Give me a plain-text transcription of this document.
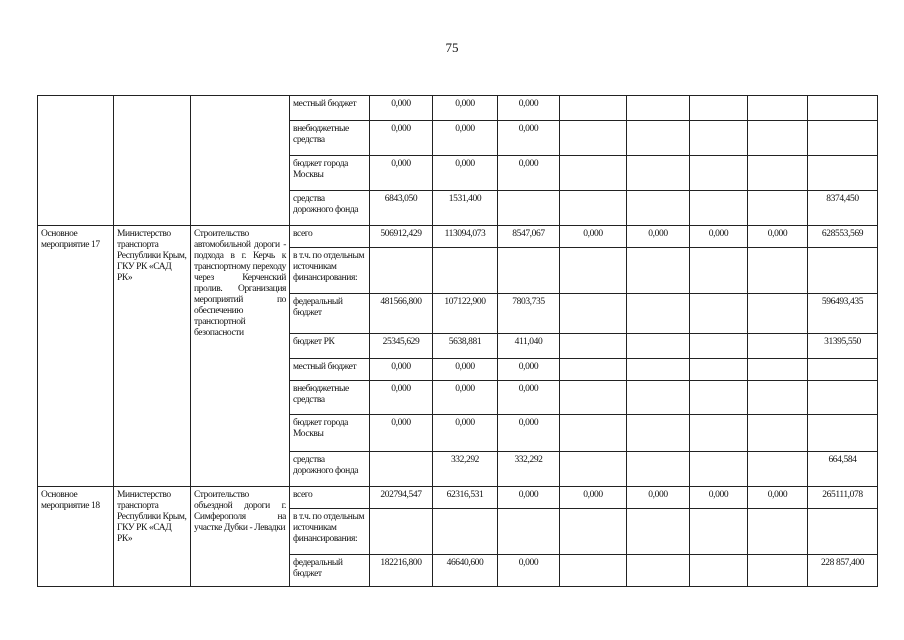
75
			местный бюджет	0,000	0,000	0,000					
			внебюджетные средства	0,000	0,000	0,000					
			бюджет города Москвы	0,000	0,000	0,000					
			средства дорожного фонда	6843,050	1531,400						8374,450
Основное мероприятие 17	Министерство транспорта Республики Крым, ГКУ РК «САД РК»	Строительство автомобильной дороги - подхода в г. Керчь к транспортному переходу через Керченский пролив. Организация мероприятий по обеспечению транспортной безопасности	всего	506912,429	113094,073	8547,067	0,000	0,000	0,000	0,000	628553,569
			в т.ч. по отдельным источникам финансирования:								
			федеральный бюджет	481566,800	107122,900	7803,735					596493,435
			бюджет РК	25345,629	5638,881	411,040					31395,550
			местный бюджет	0,000	0,000	0,000					
			внебюджетные средства	0,000	0,000	0,000					
			бюджет города Москвы	0,000	0,000	0,000					
			средства дорожного фонда		332,292	332,292					664,584
Основное мероприятие 18	Министерство транспорта Республики Крым, ГКУ РК «САД РК»	Строительство объездной дороги г. Симферополя на участке Дубки - Левадки	всего	202794,547	62316,531	0,000	0,000	0,000	0,000	0,000	265111,078
			в т.ч. по отдельным источникам финансирования:								
			федеральный бюджет	182216,800	46640,600	0,000					228 857,400
